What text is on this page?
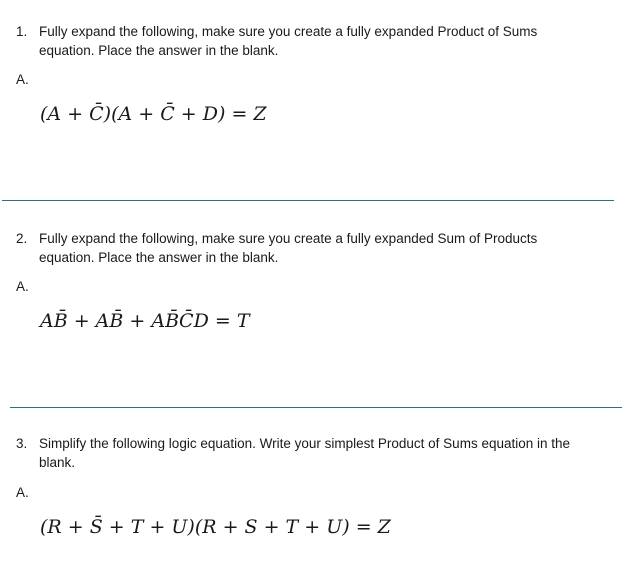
1. Fully expand the following, make sure you create a fully expanded Product of Sums
equation. Place the answer in the blank.
A.
(A + C̄)(A + C̄ + D) = Z
2. Fully expand the following, make sure you create a fully expanded Sum of Products
equation. Place the answer in the blank.
A.
AB̄ + AB̄ + AB̄C̄D = T
3. Simplify the following logic equation. Write your simplest Product of Sums equation in the
blank.
A.
(R + S̄ + T + U)(R + S + T + U) = Z
